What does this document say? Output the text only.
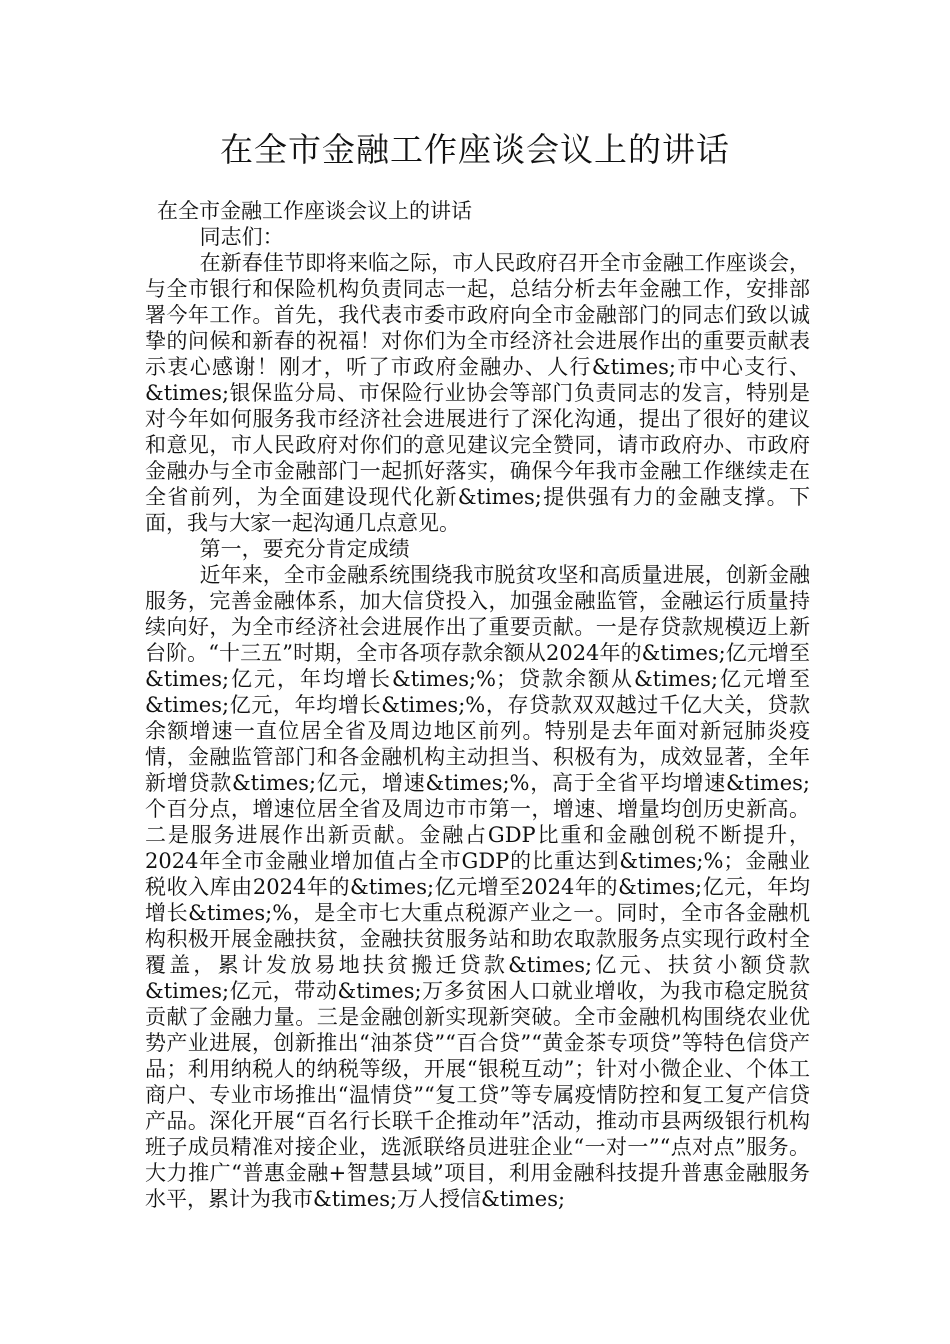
在全市金融工作座谈会议上的讲话

在全市金融工作座谈会议上的讲话

同志们：

在新春佳节即将来临之际，市人民政府召开全市金融工作座谈会，与全市银行和保险机构负责同志一起，总结分析去年金融工作，安排部署今年工作。首先，我代表市委市政府向全市金融部门的同志们致以诚挚的问候和新春的祝福！对你们为全市经济社会进展作出的重要贡献表示衷心感谢！刚才，听了市政府金融办、人行&times;市中心支行、&times;银保监分局、市保险行业协会等部门负责同志的发言，特别是对今年如何服务我市经济社会进展进行了深化沟通，提出了很好的建议和意见，市人民政府对你们的意见建议完全赞同，请市政府办、市政府金融办与全市金融部门一起抓好落实，确保今年我市金融工作继续走在全省前列，为全面建设现代化新&times;提供强有力的金融支撑。下面，我与大家一起沟通几点意见。

第一，要充分肯定成绩

近年来，全市金融系统围绕我市脱贫攻坚和高质量进展，创新金融服务，完善金融体系，加大信贷投入，加强金融监管，金融运行质量持续向好，为全市经济社会进展作出了重要贡献。一是存贷款规模迈上新台阶。“十三五”时期，全市各项存款余额从2024年的&times;亿元增至&times;亿元，年均增长&times;%；贷款余额从&times;亿元增至&times;亿元，年均增长&times;%，存贷款双双越过千亿大关，贷款余额增速一直位居全省及周边地区前列。特别是去年面对新冠肺炎疫情，金融监管部门和各金融机构主动担当、积极有为，成效显著，全年新增贷款&times;亿元，增速&times;%，高于全省平均增速&times;个百分点，增速位居全省及周边市市第一，增速、增量均创历史新高。二是服务进展作出新贡献。金融占GDP比重和金融创税不断提升，2024年全市金融业增加值占全市GDP的比重达到&times;%；金融业税收入库由2024年的&times;亿元增至2024年的&times;亿元，年均增长&times;%，是全市七大重点税源产业之一。同时，全市各金融机构积极开展金融扶贫，金融扶贫服务站和助农取款服务点实现行政村全覆盖，累计发放易地扶贫搬迁贷款&times;亿元、扶贫小额贷款&times;亿元，带动&times;万多贫困人口就业增收，为我市稳定脱贫贡献了金融力量。三是金融创新实现新突破。全市金融机构围绕农业优势产业进展，创新推出“油茶贷”“百合贷”“黄金茶专项贷”等特色信贷产品；利用纳税人的纳税等级，开展“银税互动”；针对小微企业、个体工商户、专业市场推出“温情贷”“复工贷”等专属疫情防控和复工复产信贷产品。深化开展“百名行长联千企推动年”活动，推动市县两级银行机构班子成员精准对接企业，选派联络员进驻企业“一对一”“点对点”服务。大力推广“普惠金融+智慧县域”项目，利用金融科技提升普惠金融服务水平，累计为我市&times;万人授信&times;
